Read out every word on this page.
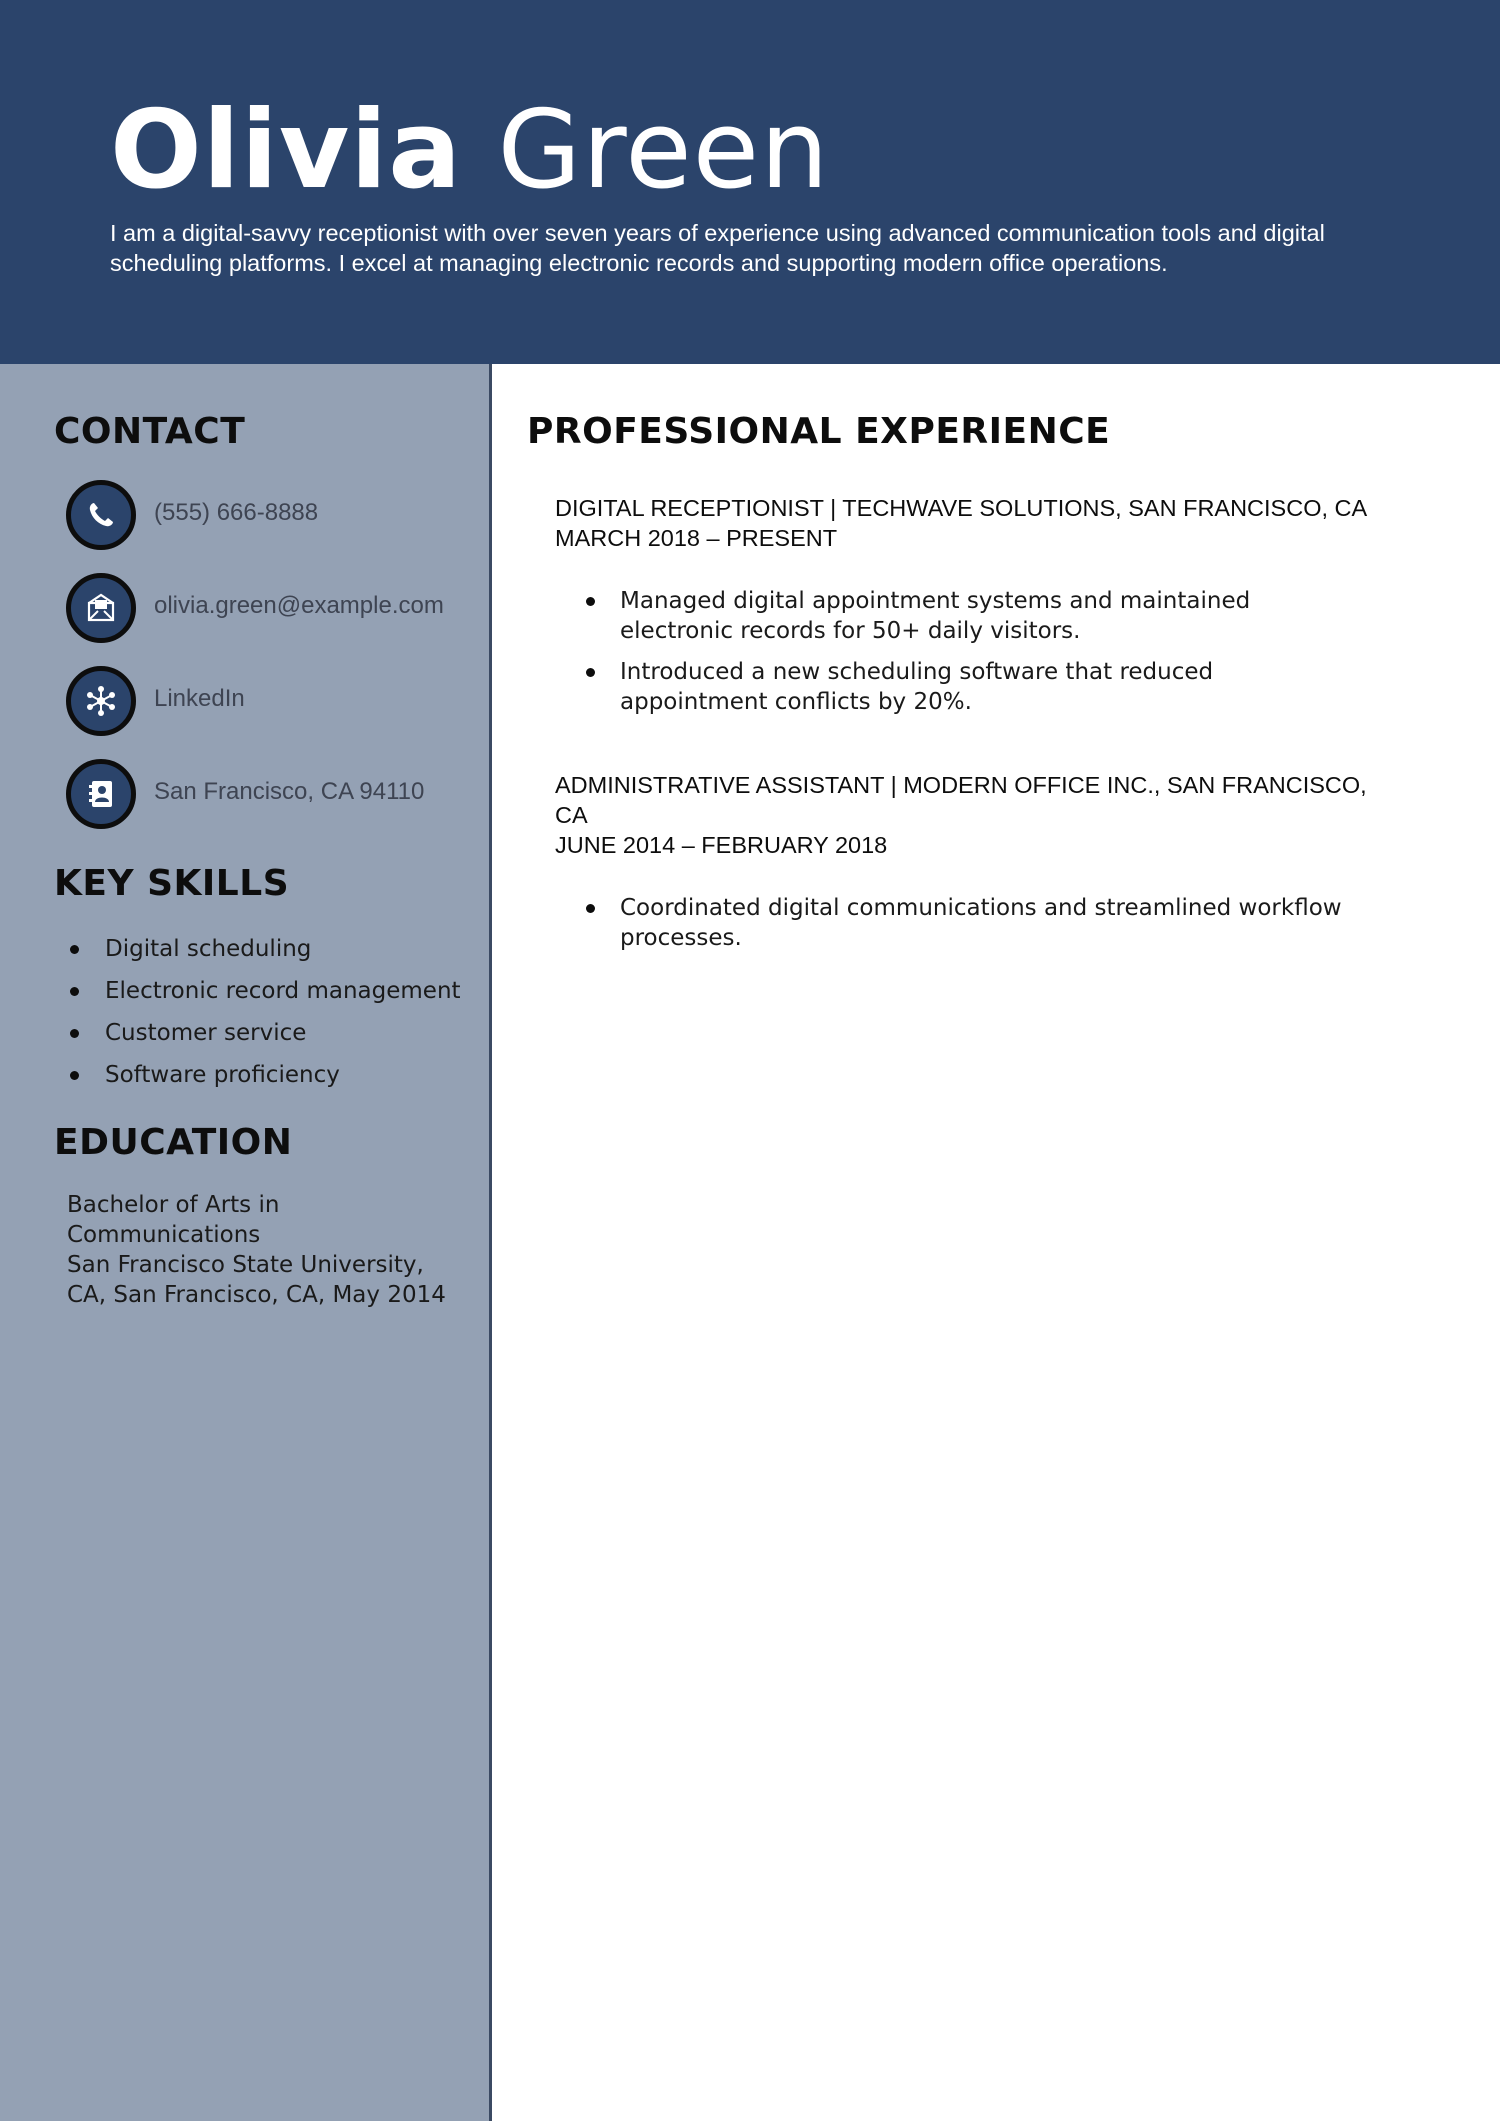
Olivia Green

I am a digital-savvy receptionist with over seven years of experience using advanced communication tools and digital scheduling platforms. I excel at managing electronic records and supporting modern office operations.

CONTACT
(555) 666-8888
olivia.green@example.com
LinkedIn
San Francisco, CA 94110
KEY SKILLS
Digital scheduling
Electronic record management
Customer service
Software proficiency
EDUCATION
Bachelor of Arts in
Communications
San Francisco State University,
CA, San Francisco, CA, May 2014
PROFESSIONAL EXPERIENCE
DIGITAL RECEPTIONIST | TECHWAVE SOLUTIONS, SAN FRANCISCO, CA
MARCH 2018 – PRESENT
Managed digital appointment systems and maintained electronic records for 50+ daily visitors.
Introduced a new scheduling software that reduced appointment conflicts by 20%.
ADMINISTRATIVE ASSISTANT | MODERN OFFICE INC., SAN FRANCISCO,
CA
JUNE 2014 – FEBRUARY 2018
Coordinated digital communications and streamlined workflow processes.
